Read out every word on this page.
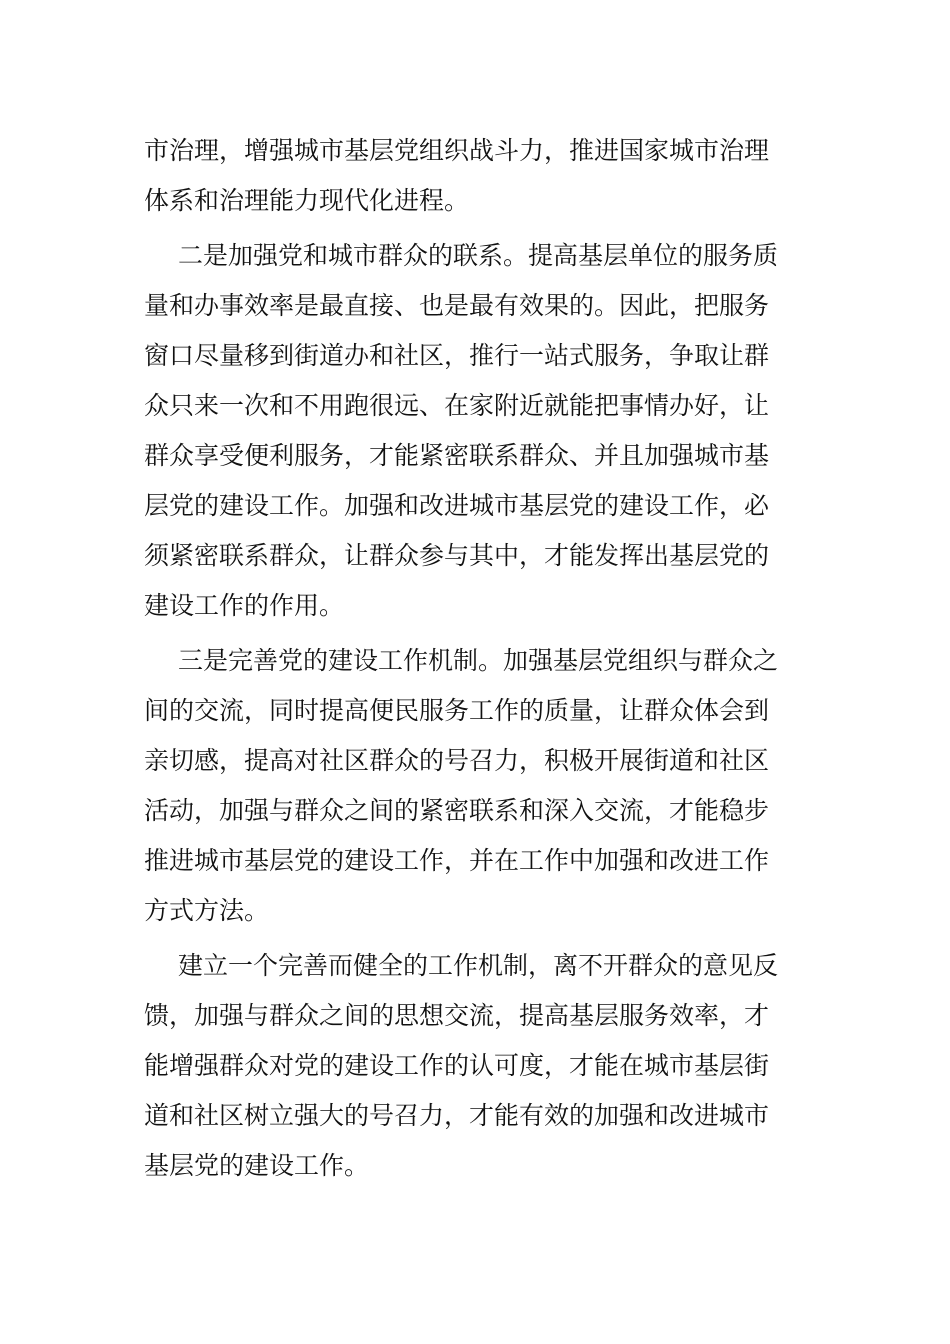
市治理，增强城市基层党组织战斗力，推进国家城市治理
体系和治理能力现代化进程。
二是加强党和城市群众的联系。提高基层单位的服务质
量和办事效率是最直接、也是最有效果的。因此，把服务
窗口尽量移到街道办和社区，推行一站式服务，争取让群
众只来一次和不用跑很远、在家附近就能把事情办好，让
群众享受便利服务，才能紧密联系群众、并且加强城市基
层党的建设工作。加强和改进城市基层党的建设工作，必
须紧密联系群众，让群众参与其中，才能发挥出基层党的
建设工作的作用。
三是完善党的建设工作机制。加强基层党组织与群众之
间的交流，同时提高便民服务工作的质量，让群众体会到
亲切感，提高对社区群众的号召力，积极开展街道和社区
活动，加强与群众之间的紧密联系和深入交流，才能稳步
推进城市基层党的建设工作，并在工作中加强和改进工作
方式方法。
建立一个完善而健全的工作机制，离不开群众的意见反
馈，加强与群众之间的思想交流，提高基层服务效率，才
能增强群众对党的建设工作的认可度，才能在城市基层街
道和社区树立强大的号召力，才能有效的加强和改进城市
基层党的建设工作。
